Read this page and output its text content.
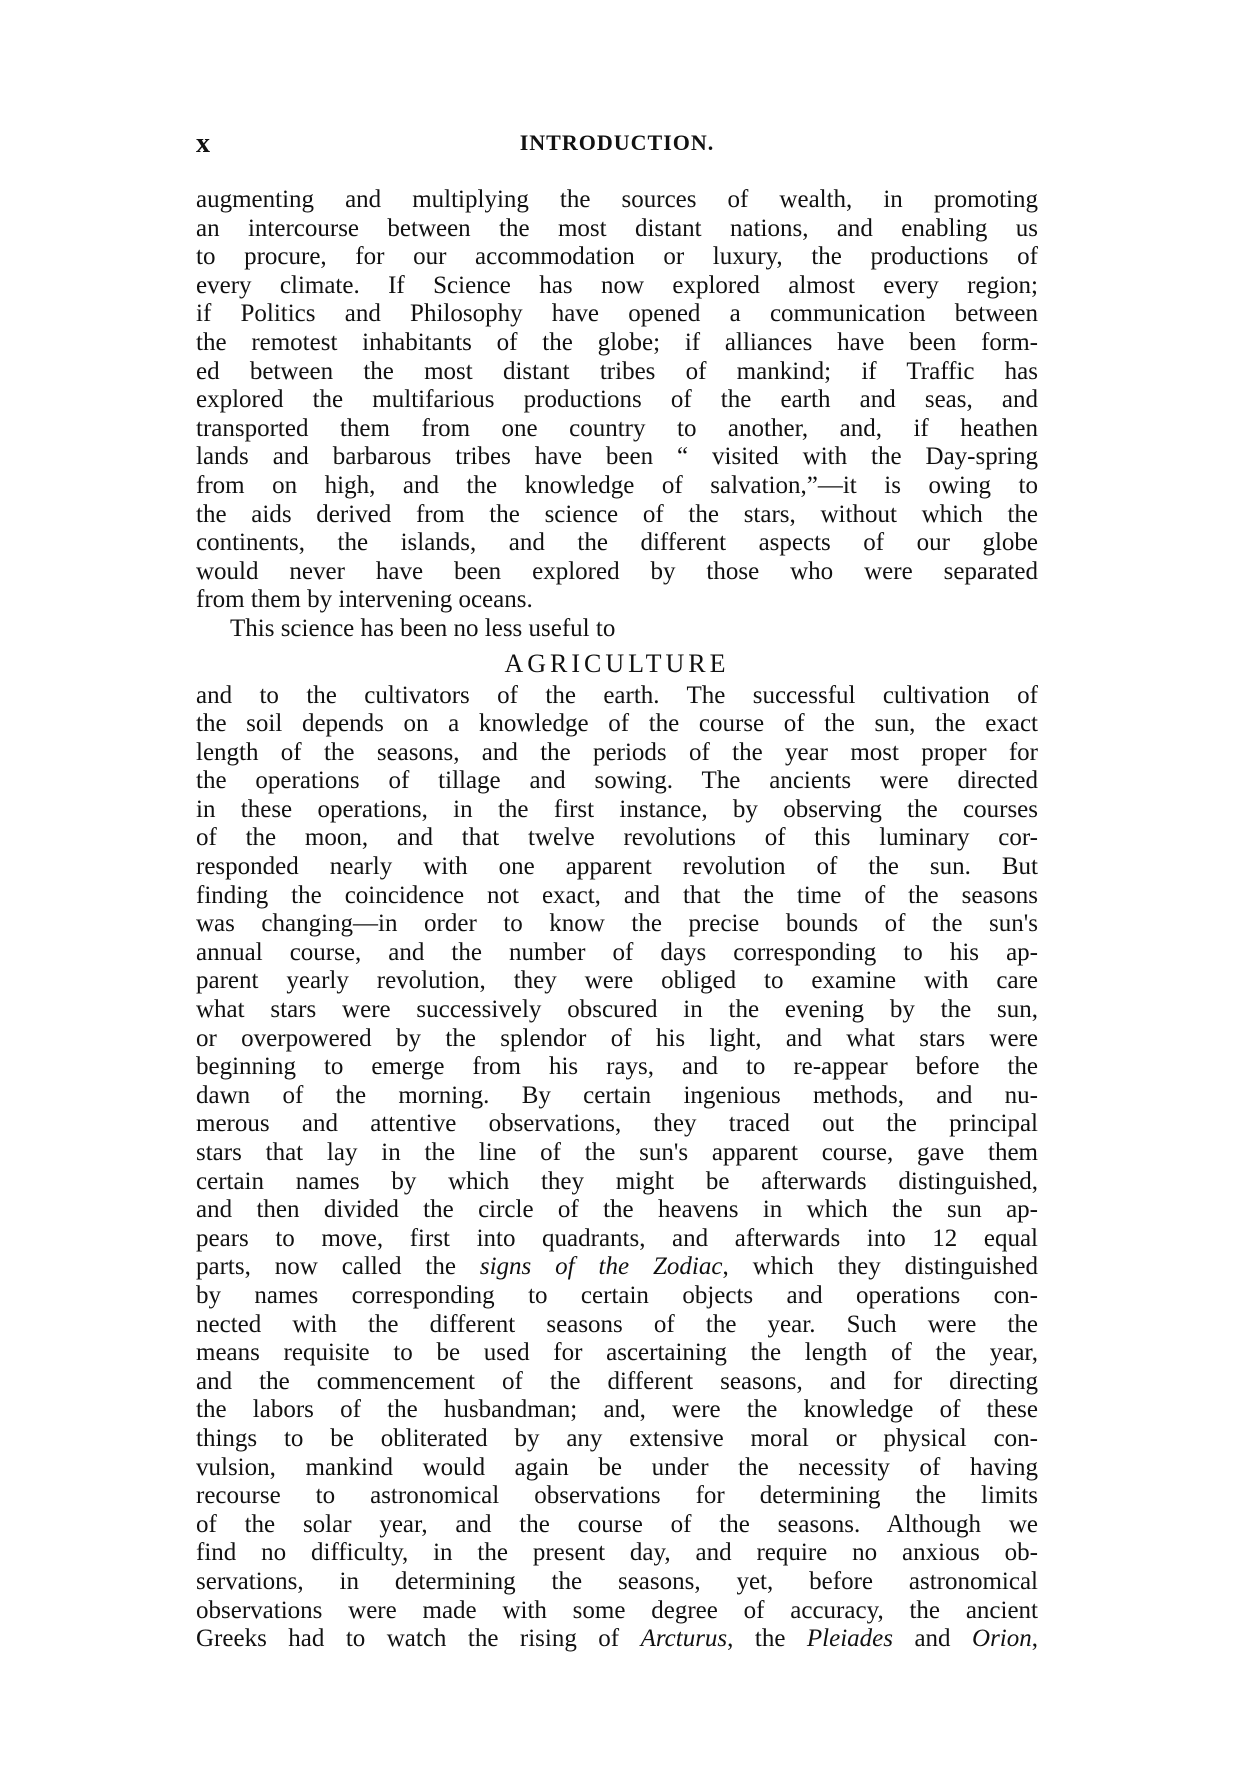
x	INTRODUCTION.
augmenting and multiplying the sources of wealth, in promoting
an intercourse between the most distant nations, and enabling us
to procure, for our accommodation or luxury, the productions of
every climate. If Science has now explored almost every region;
if Politics and Philosophy have opened a communication between
the remotest inhabitants of the globe; if alliances have been form-
ed between the most distant tribes of mankind; if Traffic has
explored the multifarious productions of the earth and seas, and
transported them from one country to another, and, if heathen
lands and barbarous tribes have been “ visited with the Day-spring
from on high, and the knowledge of salvation,”—it is owing to
the aids derived from the science of the stars, without which the
continents, the islands, and the different aspects of our globe
would never have been explored by those who were separated
from them by intervening oceans.
This science has been no less useful to
AGRICULTURE
and to the cultivators of the earth. The successful cultivation of
the soil depends on a knowledge of the course of the sun, the exact
length of the seasons, and the periods of the year most proper for
the operations of tillage and sowing. The ancients were directed
in these operations, in the first instance, by observing the courses
of the moon, and that twelve revolutions of this luminary cor-
responded nearly with one apparent revolution of the sun. But
finding the coincidence not exact, and that the time of the seasons
was changing—in order to know the precise bounds of the sun's
annual course, and the number of days corresponding to his ap-
parent yearly revolution, they were obliged to examine with care
what stars were successively obscured in the evening by the sun,
or overpowered by the splendor of his light, and what stars were
beginning to emerge from his rays, and to re-appear before the
dawn of the morning. By certain ingenious methods, and nu-
merous and attentive observations, they traced out the principal
stars that lay in the line of the sun's apparent course, gave them
certain names by which they might be afterwards distinguished,
and then divided the circle of the heavens in which the sun ap-
pears to move, first into quadrants, and afterwards into 12 equal
parts, now called the signs of the Zodiac, which they distinguished
by names corresponding to certain objects and operations con-
nected with the different seasons of the year. Such were the
means requisite to be used for ascertaining the length of the year,
and the commencement of the different seasons, and for directing
the labors of the husbandman; and, were the knowledge of these
things to be obliterated by any extensive moral or physical con-
vulsion, mankind would again be under the necessity of having
recourse to astronomical observations for determining the limits
of the solar year, and the course of the seasons. Although we
find no difficulty, in the present day, and require no anxious ob-
servations, in determining the seasons, yet, before astronomical
observations were made with some degree of accuracy, the ancient
Greeks had to watch the rising of Arcturus, the Pleiades and Orion,
